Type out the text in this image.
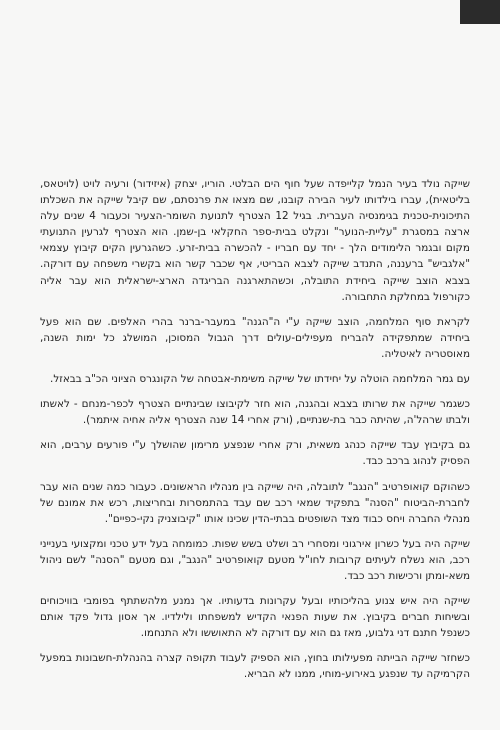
שייקה נולד בעיר הנמל קלייפדה שעל חוף הים הבלטי. הוריו, יצחק (איזידור) ורעיה לויט (לויטאס, בליטאית), עברו בילדותו לעיר הבירה קובנו, שם מצאו את פרנסתם, שם קיבל שייקה את השכלתו התיכונית-טכנית בגימנסיה העברית. בגיל 12 הצטרף לתנועת השומר-הצעיר וכעבור 4 שנים עלה ארצה במסגרת "עליית-הנוער" ונקלט בבית-ספר החקלאי בן-שמן. הוא הצטרף לגרעין התנועתי מקום ובגמר הלימודים הלך - יחד עם חבריו - להכשרה בבית-זרע. כשהגרעין הקים קיבוץ עצמאי "אלגביש" ברעננה, התנדב שייקה לצבא הבריטי, אף שכבר קשר הוא בקשרי משפחה עם דורקה. בצבא הוצב שייקה ביחידת התובלה, וכשהתארגנה הבריגדה הארצ-ישראלית הוא עבר אליה כקורפול במחלקת התחבורה.

לקראת סוף המלחמה, הוצב שייקה ע"י ה"הגנה" במעבר-ברנר בהרי האלפים. שם הוא פעל ביחידה שמתפקידה להבריח מעפילים-עולים דרך הגבול המסוכן, המושלג כל ימות השנה, מאוסטריה לאיטליה.

עם גמר המלחמה הוטלה על יחידתו של שייקה משימת-אבטחה של הקונגרס הציוני הכ"ב בבאזל.

כשגמר שייקה את שרותו בצבא ובהגנה, הוא חזר לקיבוצו שבינתיים הצטרף לכפר-מנחם - לאשתו ולבתו שרהל'ה, שהיתה כבר בת-שנתיים, (ורק אחרי 14 שנה הצטרף אליה אחיה איתמר).

גם בקיבוץ עבד שייקה כנהג משאית, ורק אחרי שנפצע מרימון שהושלך ע"י פורעים ערבים, הוא הפסיק לנהוג ברכב כבד.

כשהוקם קואופרטיב "הנגב" לתובלה, היה שייקה בין מנהליו הראשונים. כעבור כמה שנים הוא עבר לחברת-הביטוח "הסנה" בתפקיד שמאי רכב שם עבד בהתמסרות ובחריצות, רכש את אמונם של מנהלי החברה ויחס כבוד מצד השופטים בבתי-הדין שכינו אותו "קיבוצניק נקי-כפיים".

שייקה היה בעל כשרון אירגוני ומסחרי רב ושלט בשש שפות. כמומחה בעל ידע טכני ומקצועי בענייני רכב, הוא נשלח לעיתים קרובות לחו"ל מטעם קואופרטיב "הנגב", וגם מטעם "הסנה" לשם ניהול משא-ומתן ורכישות רכב כבד.

שייקה היה איש צנוע בהליכותיו ובעל עקרונות בדעותיו. אך נמנע מלהשתתף בפומבי בוויכוחים ובשיחות חברים בקיבוץ. את שעות הפנאי הקדיש למשפחתו ולילדיו. אך אסון גדול פקד אותם כשנפל חתנם דני גלבוע, מאז גם הוא עם דורקה לא התאוששו ולא התנחמו.

כשחזר שייקה הבייתה מפעילותו בחוץ, הוא הספיק לעבוד תקופה קצרה בהנהלת-חשבונות במפעל הקרמיקה עד שנפגע באירוע-מוחי, ממנו לא הבריא.
